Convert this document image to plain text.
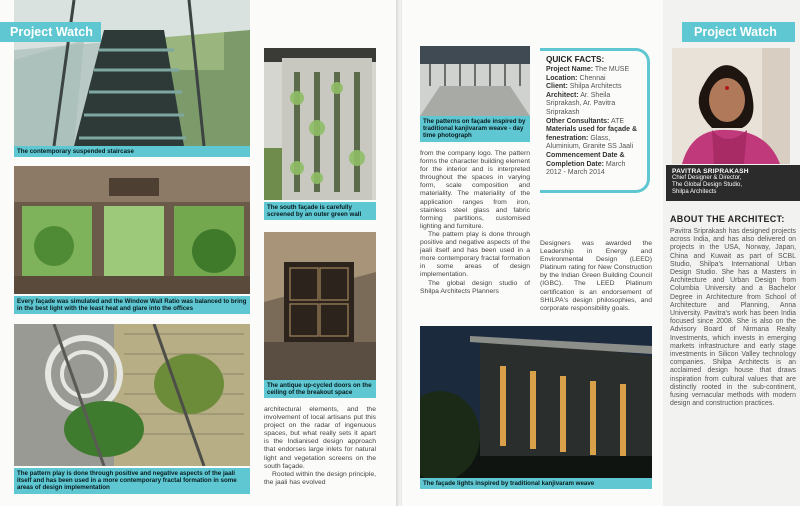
Project Watch
The contemporary suspended staircase
Every façade was simulated and the Window Wall Ratio was balanced to bring in the best light with the least heat and glare into the offices
The pattern play is done through positive and negative aspects of the jaali itself and has been used in a more contemporary fractal formation in some areas of design implementation
The south façade is carefully screened by an outer green wall
The antique up-cycled doors on the ceiling of the breakout space

architectural elements, and the involvement of local artisans put this project on the radar of ingenuous spaces, but what really sets it apart is the Indianised design approach that endorses large inlets for natural light and vegetation screens on the south façade.

Rooted within the design principle, the jaali has evolved

The patterns on façade inspired by traditional kanjivaram weave - day time photograph
QUICK FACTS:
Project Name: The MUSE
Location: Chennai
Client: Shilpa Architects
Architect: Ar. Sheila Sriprakash, Ar. Pavitra Sriprakash
Other Consultants: ATE
Materials used for façade & fenestration: Glass, Aluminium, Granite SS Jaali
Commencement Date & Completion Date: March 2012 - March 2014

from the company logo. The pattern forms the character building element for the interior and is interpreted throughout the spaces in varying form, scale composition and materiality. The materiality of the application ranges from iron, stainless steel glass and fabric forming partitions, customised lighting and furniture.

The pattern play is done through positive and negative aspects of the jaali itself and has been used in a more contemporary fractal formation in some areas of design implementation.

The global design studio of Shilpa Architects Planners

Designers was awarded the Leadership in Energy and Environmental Design (LEED) Platinum rating for New Construction by the Indian Green Building Council (IGBC). The LEED Platinum certification is an endorsement of SHILPA's design philosophies, and corporate responsibility goals.

The façade lights inspired by traditional kanjivaram weave
Project Watch
PAVITRA SRIPRAKASH
Chief Designer & Director,
The Global Design Studio,
Shilpa Architects
ABOUT THE ARCHITECT:
Pavitra Sriprakash has designed projects across India, and has also delivered on projects in the USA, Norway, Japan, China and Kuwait as part of SCBL Studio, Shilpa's International Urban Design Studio. She has a Masters in Architecture and Urban Design from Columbia University and a Bachelor Degree in Architecture from School of Architecture and Planning, Anna University. Pavitra's work has been India focused since 2008. She is also on the Advisory Board of Nirmana Realty Investments, which invests in emerging markets infrastructure and early stage investments in Silicon Valley technology companies. Shilpa Architects is an acclaimed design house that draws inspiration from cultural values that are distinctly rooted in the sub-continent, fusing vernacular methods with modern design and construction practices.
